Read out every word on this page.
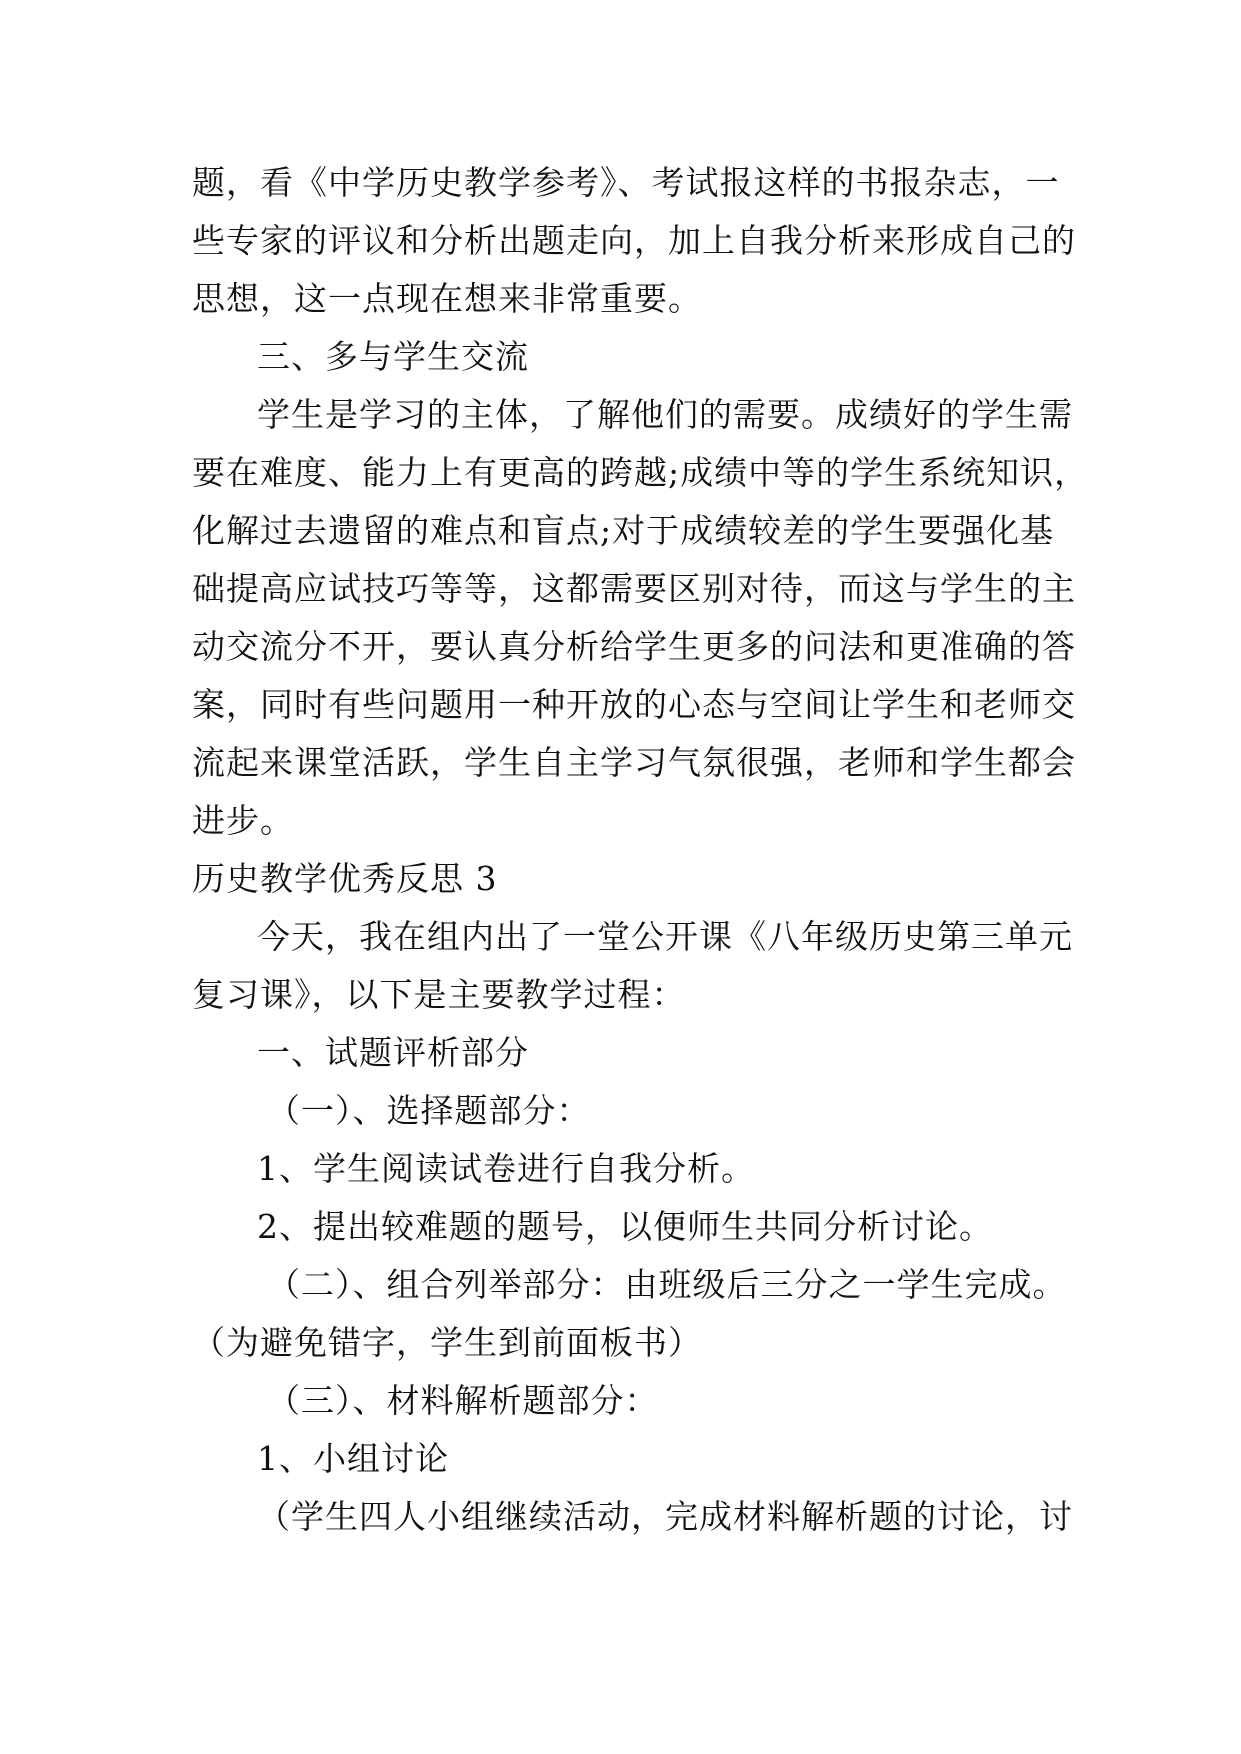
题，看《中学历史教学参考》、考试报这样的书报杂志，一
些专家的评议和分析出题走向，加上自我分析来形成自己的
思想，这一点现在想来非常重要。
三、多与学生交流
学生是学习的主体，了解他们的需要。成绩好的学生需
要在难度、能力上有更高的跨越;成绩中等的学生系统知识，
化解过去遗留的难点和盲点;对于成绩较差的学生要强化基
础提高应试技巧等等，这都需要区别对待，而这与学生的主
动交流分不开，要认真分析给学生更多的问法和更准确的答
案，同时有些问题用一种开放的心态与空间让学生和老师交
流起来课堂活跃，学生自主学习气氛很强，老师和学生都会
进步。
历史教学优秀反思 3
今天，我在组内出了一堂公开课《八年级历史第三单元
复习课》，以下是主要教学过程：
一、试题评析部分
（一）、选择题部分：
1、学生阅读试卷进行自我分析。
2、提出较难题的题号，以便师生共同分析讨论。
（二）、组合列举部分：由班级后三分之一学生完成。
（为避免错字，学生到前面板书）
（三）、材料解析题部分：
1、小组讨论
（学生四人小组继续活动，完成材料解析题的讨论，讨
